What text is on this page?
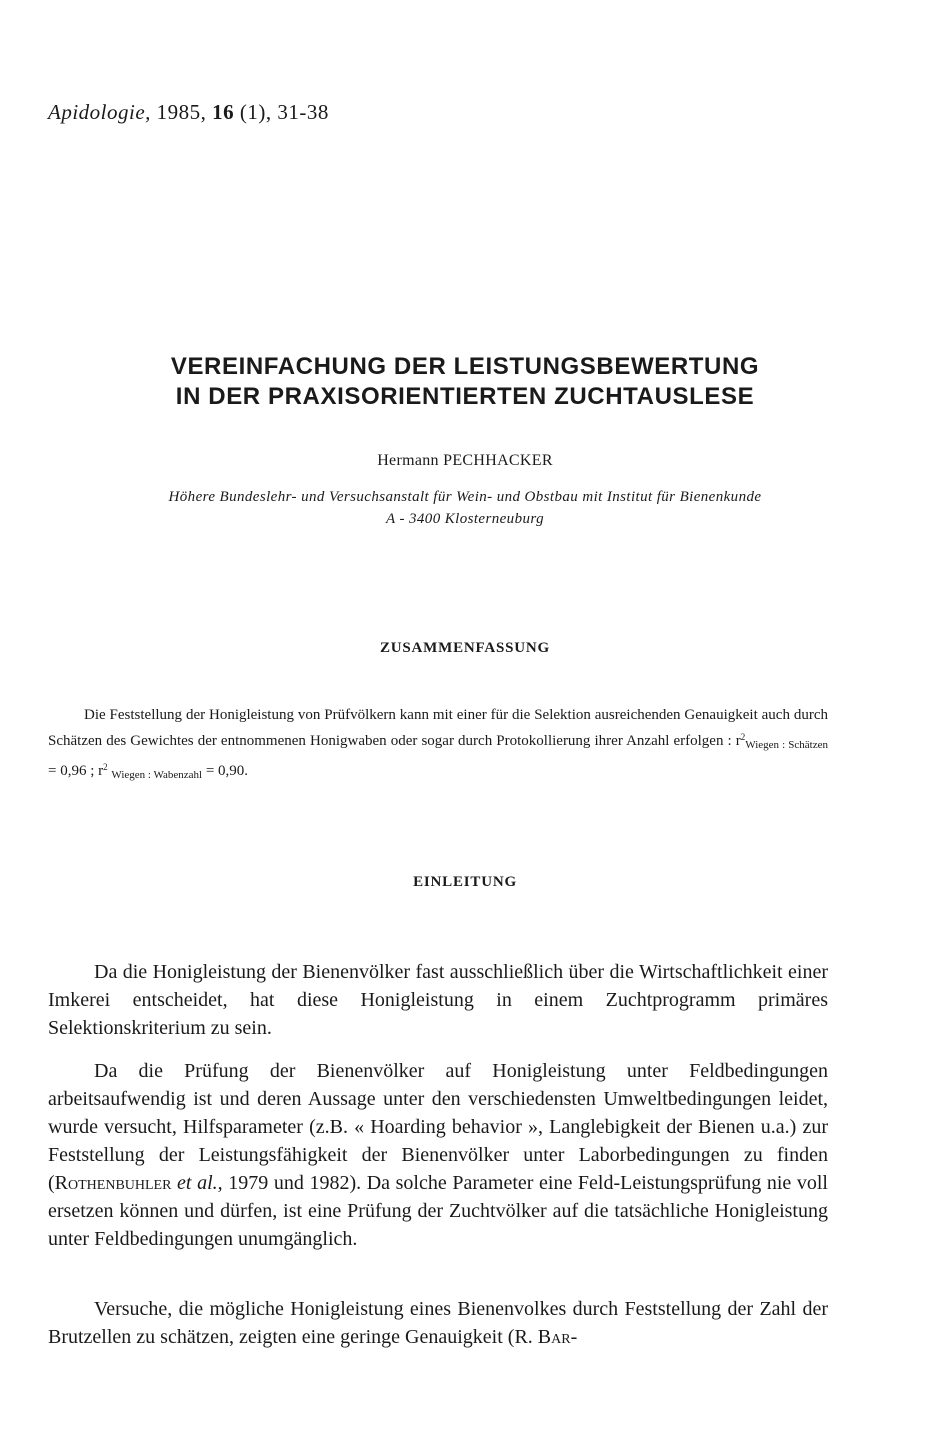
Apidologie, 1985, 16 (1), 31-38
VEREINFACHUNG DER LEISTUNGSBEWERTUNG
IN DER PRAXISORIENTIERTEN ZUCHTAUSLESE
Hermann PECHHACKER
Höhere Bundeslehr- und Versuchsanstalt für Wein- und Obstbau mit Institut für Bienenkunde
A - 3400 Klosterneuburg
ZUSAMMENFASSUNG
Die Feststellung der Honigleistung von Prüfvölkern kann mit einer für die Selektion ausreichenden Genauigkeit auch durch Schätzen des Gewichtes der entnommenen Honigwaben oder sogar durch Protokollierung ihrer Anzahl erfolgen : $r^2_{Wiegen : Schätzen} = 0,96$ ; $r^2$ $_{Wiegen : Wabenzahl}$ = 0,90.
EINLEITUNG

Da die Honigleistung der Bienenvölker fast ausschließlich über die Wirtschaftlichkeit einer Imkerei entscheidet, hat diese Honigleistung in einem Zuchtprogramm primäres Selektionskriterium zu sein.

Da die Prüfung der Bienenvölker auf Honigleistung unter Feldbedingungen arbeitsaufwendig ist und deren Aussage unter den verschiedensten Umweltbedingungen leidet, wurde versucht, Hilfsparameter (z.B. « Hoarding behavior », Langlebigkeit der Bienen u.a.) zur Feststellung der Leistungsfähigkeit der Bienenvölker unter Laborbedingungen zu finden (Rothenbuhler et al., 1979 und 1982). Da solche Parameter eine Feld-Leistungsprüfung nie voll ersetzen können und dürfen, ist eine Prüfung der Zuchtvölker auf die tatsächliche Honigleistung unter Feldbedingungen unumgänglich.

Versuche, die mögliche Honigleistung eines Bienenvolkes durch Feststellung der Zahl der Brutzellen zu schätzen, zeigten eine geringe Genauigkeit (R. Bar-
